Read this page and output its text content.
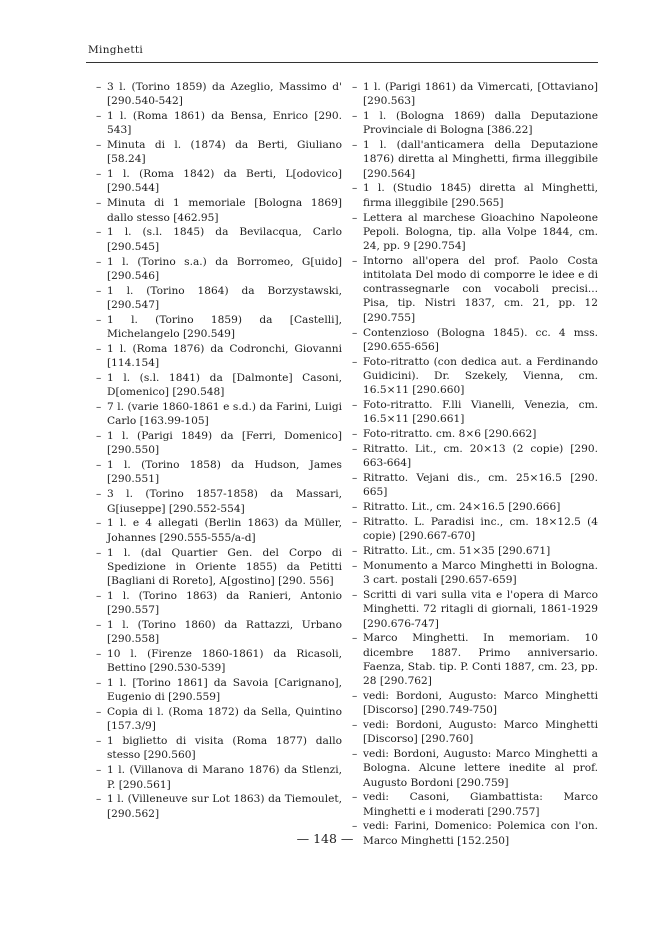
Minghetti
– 3 l. (Torino 1859) da Azeglio, Massimo d' [290.540-542]
– 1 l. (Roma 1861) da Bensa, Enrico [290. 543]
– Minuta di l. (1874) da Berti, Giuliano [58.24]
– 1 l. (Roma 1842) da Berti, L[odovico] [290.544]
– Minuta di 1 memoriale [Bologna 1869] dallo stesso [462.95]
– 1 l. (s.l. 1845) da Bevilacqua, Carlo [290.545]
– 1 l. (Torino s.a.) da Borromeo, G[uido] [290.546]
– 1 l. (Torino 1864) da Borzystawski, [290.547]
– 1 l. (Torino 1859) da [Castelli], Michelangelo [290.549]
– 1 l. (Roma 1876) da Codronchi, Giovanni [114.154]
– 1 l. (s.l. 1841) da [Dalmonte] Casoni, D[omenico] [290.548]
– 7 l. (varie 1860-1861 e s.d.) da Farini, Luigi Carlo [163.99-105]
– 1 l. (Parigi 1849) da [Ferri, Domenico] [290.550]
– 1 l. (Torino 1858) da Hudson, James [290.551]
– 3 l. (Torino 1857-1858) da Massari, G[iuseppe] [290.552-554]
– 1 l. e 4 allegati (Berlin 1863) da Müller, Johannes [290.555-555/a-d]
– 1 l. (dal Quartier Gen. del Corpo di Spedizione in Oriente 1855) da Petitti [Bagliani di Roreto], A[gostino] [290. 556]
– 1 l. (Torino 1863) da Ranieri, Antonio [290.557]
– 1 l. (Torino 1860) da Rattazzi, Urbano [290.558]
– 10 l. (Firenze 1860-1861) da Ricasoli, Bettino [290.530-539]
– 1 l. [Torino 1861] da Savoia [Carignano], Eugenio di [290.559]
– Copia di l. (Roma 1872) da Sella, Quintino [157.3/9]
– 1 biglietto di visita (Roma 1877) dallo stesso [290.560]
– 1 l. (Villanova di Marano 1876) da Stlenzi, P. [290.561]
– 1 l. (Villeneuve sur Lot 1863) da Tiemoulet, [290.562]
– 1 l. (Parigi 1861) da Vimercati, [Ottaviano] [290.563]
– 1 l. (Bologna 1869) dalla Deputazione Provinciale di Bologna [386.22]
– 1 l. (dall'anticamera della Deputazione 1876) diretta al Minghetti, firma illeggibile [290.564]
– 1 l. (Studio 1845) diretta al Minghetti, firma illeggibile [290.565]
– Lettera al marchese Gioachino Napoleone Pepoli. Bologna, tip. alla Volpe 1844, cm. 24, pp. 9 [290.754]
– Intorno all'opera del prof. Paolo Costa intitolata Del modo di comporre le idee e di contrassegnarle con vocaboli precisi... Pisa, tip. Nistri 1837, cm. 21, pp. 12 [290.755]
– Contenzioso (Bologna 1845). cc. 4 mss. [290.655-656]
– Foto-ritratto (con dedica aut. a Ferdinando Guidicini). Dr. Szekely, Vienna, cm. 16.5×11 [290.660]
– Foto-ritratto. F.lli Vianelli, Venezia, cm. 16.5×11 [290.661]
– Foto-ritratto. cm. 8×6 [290.662]
– Ritratto. Lit., cm. 20×13 (2 copie) [290. 663-664]
– Ritratto. Vejani dis., cm. 25×16.5 [290. 665]
– Ritratto. Lit., cm. 24×16.5 [290.666]
– Ritratto. L. Paradisi inc., cm. 18×12.5 (4 copie) [290.667-670]
– Ritratto. Lit., cm. 51×35 [290.671]
– Monumento a Marco Minghetti in Bologna. 3 cart. postali [290.657-659]
– Scritti di vari sulla vita e l'opera di Marco Minghetti. 72 ritagli di giornali, 1861-1929 [290.676-747]
– Marco Minghetti. In memoriam. 10 dicembre 1887. Primo anniversario. Faenza, Stab. tip. P. Conti 1887, cm. 23, pp. 28 [290.762]
– vedi: Bordoni, Augusto: Marco Minghetti [Discorso] [290.749-750]
– vedi: Bordoni, Augusto: Marco Minghetti [Discorso] [290.760]
– vedi: Bordoni, Augusto: Marco Minghetti a Bologna. Alcune lettere inedite al prof. Augusto Bordoni [290.759]
– vedi: Casoni, Giambattista: Marco Minghetti e i moderati [290.757]
– vedi: Farini, Domenico: Polemica con l'on. Marco Minghetti [152.250]
— 148 —
